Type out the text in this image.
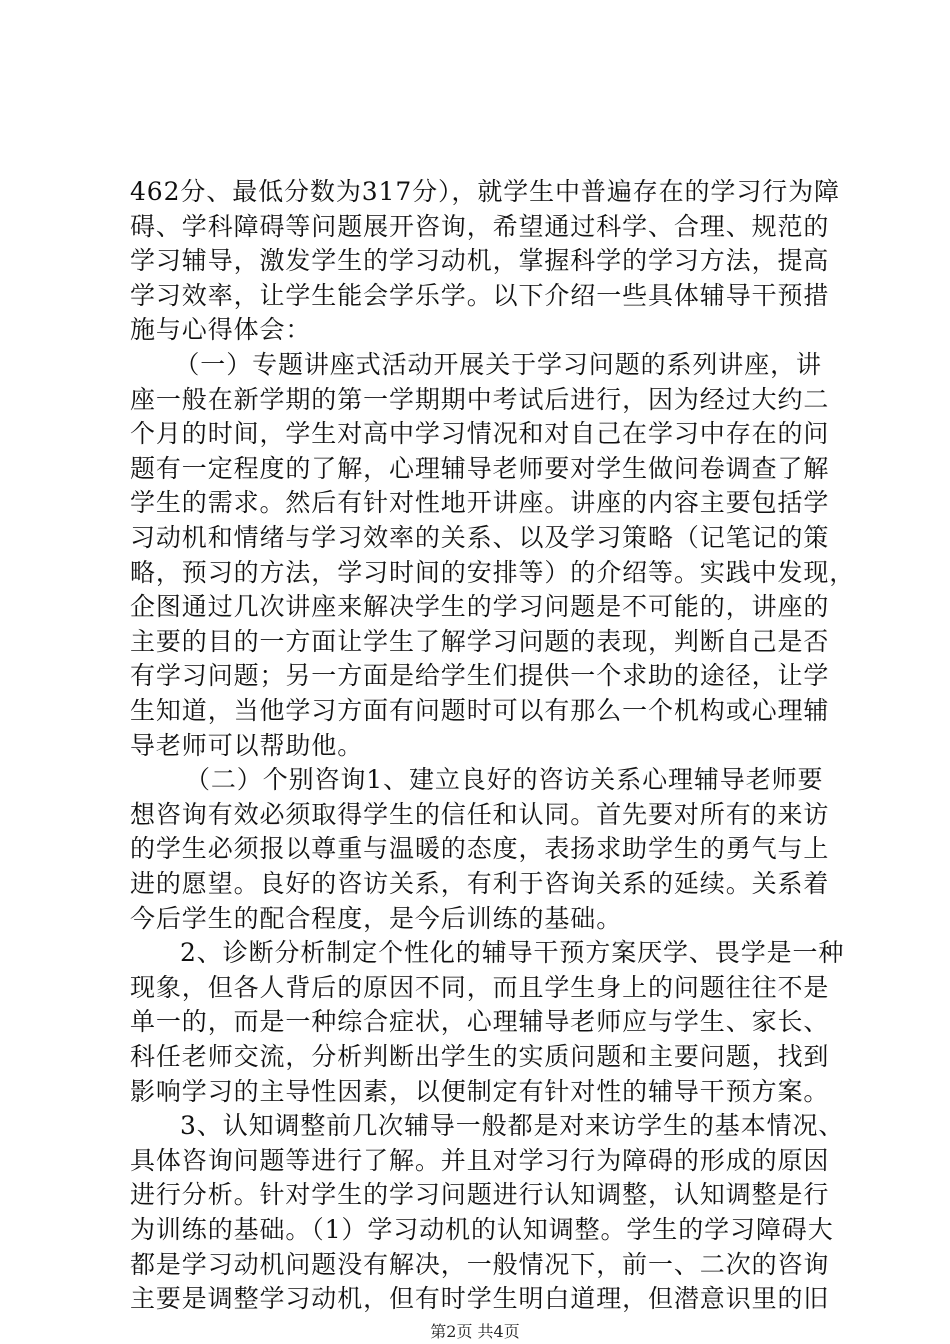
462分、最低分数为317分），就学生中普遍存在的学习行为障
碍、学科障碍等问题展开咨询，希望通过科学、合理、规范的
学习辅导，激发学生的学习动机，掌握科学的学习方法，提高
学习效率，让学生能会学乐学。以下介绍一些具体辅导干预措
施与心得体会：
　（一）专题讲座式活动开展关于学习问题的系列讲座，讲
座一般在新学期的第一学期期中考试后进行，因为经过大约二
个月的时间，学生对高中学习情况和对自己在学习中存在的问
题有一定程度的了解，心理辅导老师要对学生做问卷调查了解
学生的需求。然后有针对性地开讲座。讲座的内容主要包括学
习动机和情绪与学习效率的关系、以及学习策略（记笔记的策
略，预习的方法，学习时间的安排等）的介绍等。实践中发现，
企图通过几次讲座来解决学生的学习问题是不可能的，讲座的
主要的目的一方面让学生了解学习问题的表现，判断自己是否
有学习问题；另一方面是给学生们提供一个求助的途径，让学
生知道，当他学习方面有问题时可以有那么一个机构或心理辅
导老师可以帮助他。
（二）个别咨询1、建立良好的咨访关系心理辅导老师要
想咨询有效必须取得学生的信任和认同。首先要对所有的来访
的学生必须报以尊重与温暖的态度，表扬求助学生的勇气与上
进的愿望。良好的咨访关系，有利于咨询关系的延续。关系着
今后学生的配合程度，是今后训练的基础。
2、诊断分析制定个性化的辅导干预方案厌学、畏学是一种
现象，但各人背后的原因不同，而且学生身上的问题往往不是
单一的，而是一种综合症状，心理辅导老师应与学生、家长、
科任老师交流，分析判断出学生的实质问题和主要问题，找到
影响学习的主导性因素，以便制定有针对性的辅导干预方案。
3、认知调整前几次辅导一般都是对来访学生的基本情况、
具体咨询问题等进行了解。并且对学习行为障碍的形成的原因
进行分析。针对学生的学习问题进行认知调整，认知调整是行
为训练的基础。（1）学习动机的认知调整。学生的学习障碍大
都是学习动机问题没有解决，一般情况下，前一、二次的咨询
主要是调整学习动机，但有时学生明白道理，但潜意识里的旧
第2页 共4页
